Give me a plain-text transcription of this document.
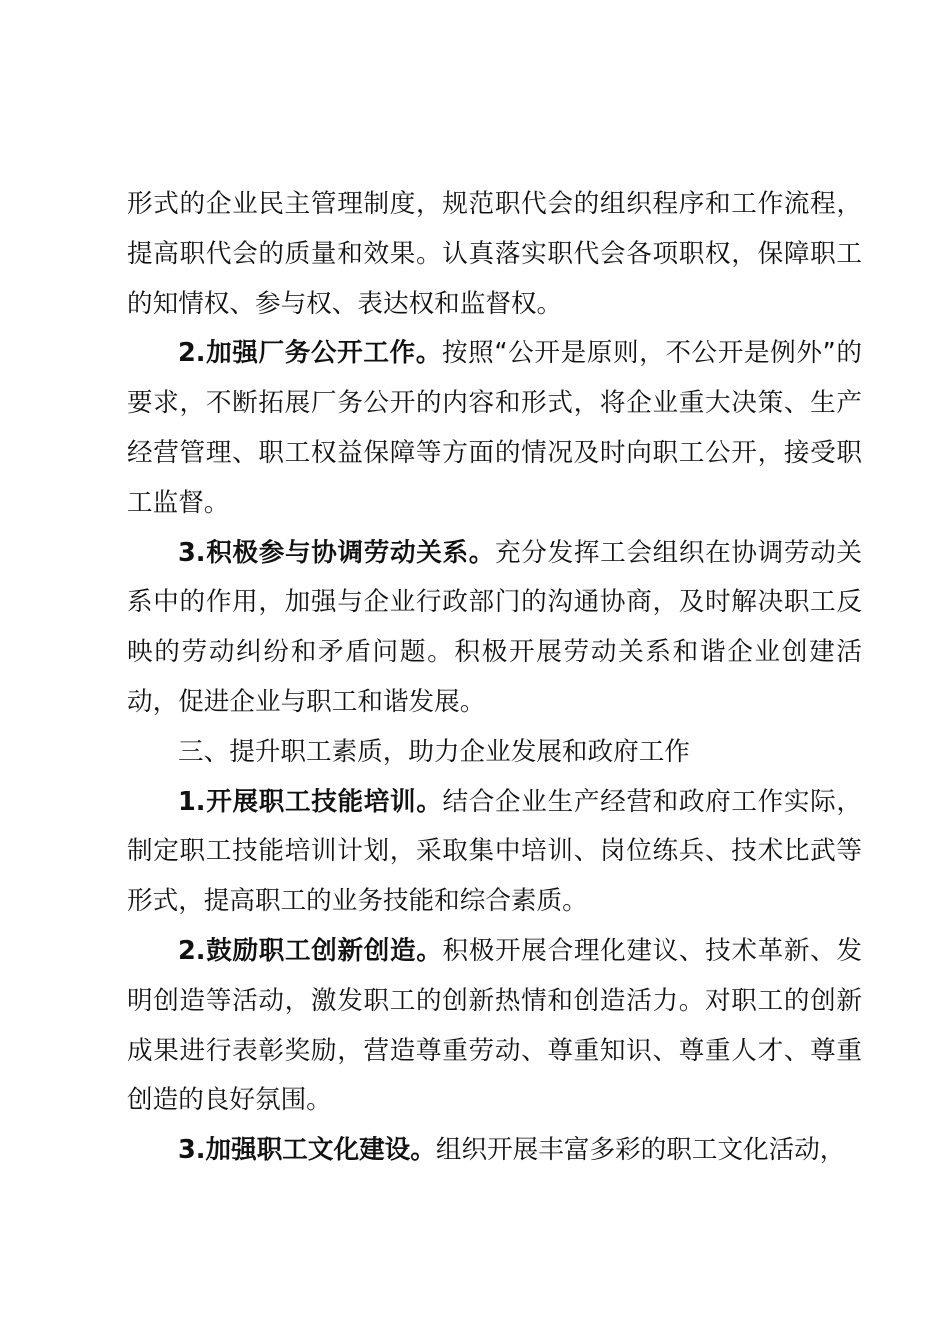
形式的企业民主管理制度，规范职代会的组织程序和工作流程，提高职代会的质量和效果。认真落实职代会各项职权，保障职工的知情权、参与权、表达权和监督权。

2.加强厂务公开工作。按照“公开是原则，不公开是例外”的要求，不断拓展厂务公开的内容和形式，将企业重大决策、生产经营管理、职工权益保障等方面的情况及时向职工公开，接受职工监督。

3.积极参与协调劳动关系。充分发挥工会组织在协调劳动关系中的作用，加强与企业行政部门的沟通协商，及时解决职工反映的劳动纠纷和矛盾问题。积极开展劳动关系和谐企业创建活动，促进企业与职工和谐发展。

三、提升职工素质，助力企业发展和政府工作

1.开展职工技能培训。结合企业生产经营和政府工作实际，制定职工技能培训计划，采取集中培训、岗位练兵、技术比武等形式，提高职工的业务技能和综合素质。

2.鼓励职工创新创造。积极开展合理化建议、技术革新、发明创造等活动，激发职工的创新热情和创造活力。对职工的创新成果进行表彰奖励，营造尊重劳动、尊重知识、尊重人才、尊重创造的良好氛围。

3.加强职工文化建设。组织开展丰富多彩的职工文化活动，
